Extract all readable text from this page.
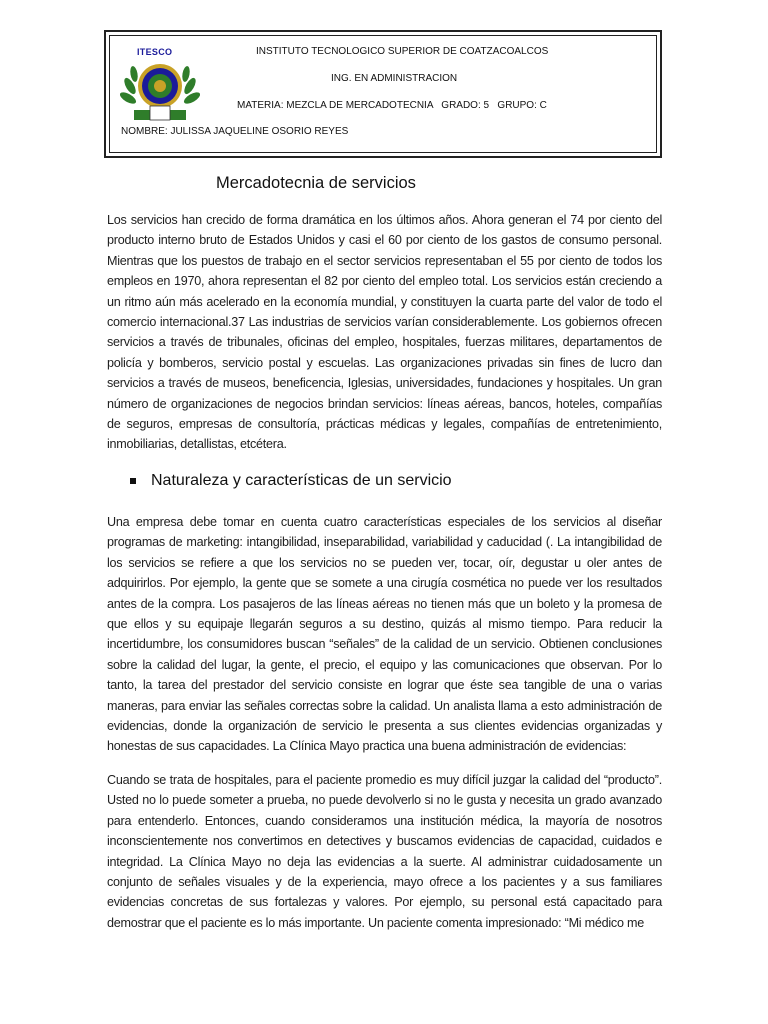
ITESCO	INSTITUTO TECNOLOGICO SUPERIOR DE COATZACOALCOS
ING. EN ADMINISTRACION
MATERIA: MEZCLA DE MERCADOTECNIA   GRADO: 5   GRUPO: C
NOMBRE: JULISSA JAQUELINE OSORIO REYES
Mercadotecnia de servicios

Los servicios han crecido de forma dramática en los últimos años. Ahora generan el 74 por ciento del producto interno bruto de Estados Unidos y casi el 60 por ciento de los gastos de consumo personal. Mientras que los puestos de trabajo en el sector servicios representaban el 55 por ciento de todos los empleos en 1970, ahora representan el 82 por ciento del empleo total. Los servicios están creciendo a un ritmo aún más acelerado en la economía mundial, y constituyen la cuarta parte del valor de todo el comercio internacional.37 Las industrias de servicios varían considerablemente. Los gobiernos ofrecen servicios a través de tribunales, oficinas del empleo, hospitales, fuerzas militares, departamentos de policía y bomberos, servicio postal y escuelas. Las organizaciones privadas sin fines de lucro dan servicios a través de museos, beneficencia, Iglesias, universidades, fundaciones y hospitales. Un gran número de organizaciones de negocios brindan servicios: líneas aéreas, bancos, hoteles, compañías de seguros, empresas de consultoría, prácticas médicas y legales, compañías de entretenimiento, inmobiliarias, detallistas, etcétera.

Naturaleza y características de un servicio

Una empresa debe tomar en cuenta cuatro características especiales de los servicios al diseñar programas de marketing: intangibilidad, inseparabilidad, variabilidad y caducidad (. La intangibilidad de los servicios se refiere a que los servicios no se pueden ver, tocar, oír, degustar u oler antes de adquirirlos. Por ejemplo, la gente que se somete a una cirugía cosmética no puede ver los resultados antes de la compra. Los pasajeros de las líneas aéreas no tienen más que un boleto y la promesa de que ellos y su equipaje llegarán seguros a su destino, quizás al mismo tiempo. Para reducir la incertidumbre, los consumidores buscan “señales” de la calidad de un servicio. Obtienen conclusiones sobre la calidad del lugar, la gente, el precio, el equipo y las comunicaciones que observan. Por lo tanto, la tarea del prestador del servicio consiste en lograr que éste sea tangible de una o varias maneras, para enviar las señales correctas sobre la calidad. Un analista llama a esto administración de evidencias, donde la organización de servicio le presenta a sus clientes evidencias organizadas y honestas de sus capacidades. La Clínica Mayo practica una buena administración de evidencias:

Cuando se trata de hospitales, para el paciente promedio es muy difícil juzgar la calidad del “producto”. Usted no lo puede someter a prueba, no puede devolverlo si no le gusta y necesita un grado avanzado para entenderlo. Entonces, cuando consideramos una institución médica, la mayoría de nosotros inconscientemente nos convertimos en detectives y buscamos evidencias de capacidad, cuidados e integridad. La Clínica Mayo no deja las evidencias a la suerte. Al administrar cuidadosamente un conjunto de señales visuales y de la experiencia, mayo ofrece a los pacientes y a sus familiares evidencias concretas de sus fortalezas y valores. Por ejemplo, su personal está capacitado para demostrar que el paciente es lo más importante. Un paciente comenta impresionado: “Mi médico me
